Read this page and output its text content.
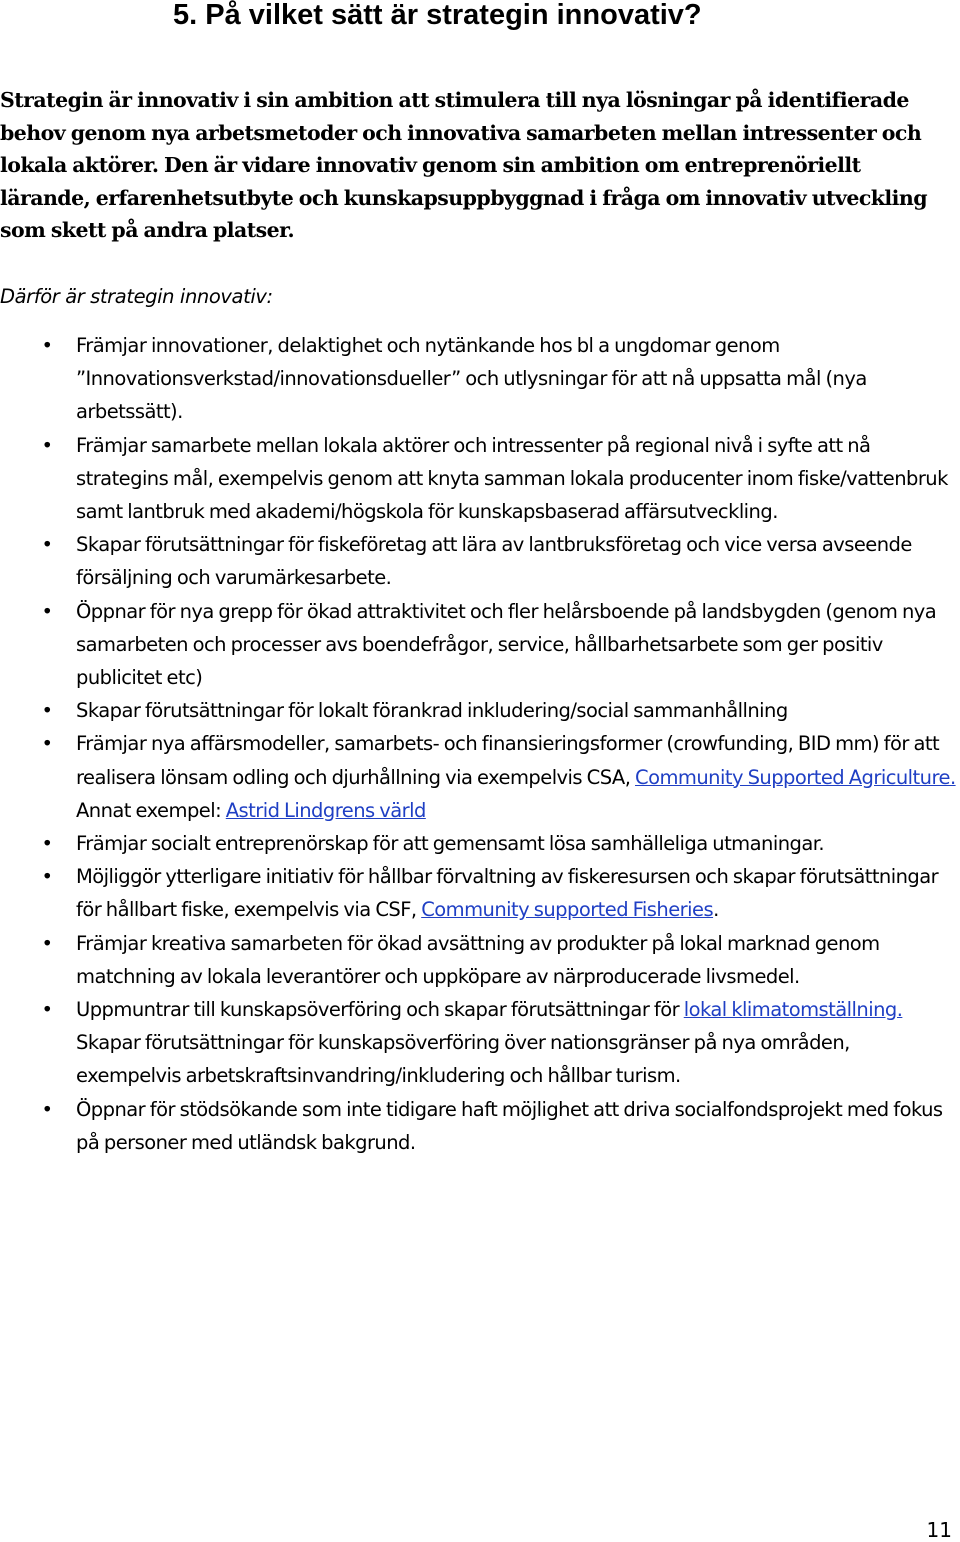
5. På vilket sätt är strategin innovativ?

Strategin är innovativ i sin ambition att stimulera till nya lösningar på identifierade behov genom nya arbetsmetoder och innovativa samarbeten mellan intressenter och lokala aktörer. Den är vidare innovativ genom sin ambition om entreprenöriellt lärande, erfarenhetsutbyte och kunskapsuppbyggnad i fråga om innovativ utveckling som skett på andra platser.

Därför är strategin innovativ:

• Främjar innovationer, delaktighet och nytänkande hos bl a ungdomar genom ”Innovationsverkstad/innovationsdueller” och utlysningar för att nå uppsatta mål (nya arbetssätt).
• Främjar samarbete mellan lokala aktörer och intressenter på regional nivå i syfte att nå strategins mål, exempelvis genom att knyta samman lokala producenter inom fiske/vattenbruk samt lantbruk med akademi/högskola för kunskapsbaserad affärsutveckling.
• Skapar förutsättningar för fiskeföretag att lära av lantbruksföretag och vice versa avseende försäljning och varumärkesarbete.
• Öppnar för nya grepp för ökad attraktivitet och fler helårsboende på landsbygden (genom nya samarbeten och processer avs boendefrågor, service, hållbarhetsarbete som ger positiv publicitet etc)
• Skapar förutsättningar för lokalt förankrad inkludering/social sammanhållning
• Främjar nya affärsmodeller, samarbets- och finansieringsformer (crowfunding, BID mm) för att realisera lönsam odling och djurhållning via exempelvis CSA, Community Supported Agriculture. Annat exempel: Astrid Lindgrens värld
• Främjar socialt entreprenörskap för att gemensamt lösa samhälleliga utmaningar.
• Möjliggör ytterligare initiativ för hållbar förvaltning av fiskeresursen och skapar förutsättningar för hållbart fiske, exempelvis via CSF, Community supported Fisheries.
• Främjar kreativa samarbeten för ökad avsättning av produkter på lokal marknad genom matchning av lokala leverantörer och uppköpare av närproducerade livsmedel.
• Uppmuntrar till kunskapsöverföring och skapar förutsättningar för lokal klimatomställning. Skapar förutsättningar för kunskapsöverföring över nationsgränser på nya områden, exempelvis arbetskraftsinvandring/inkludering och hållbar turism.
• Öppnar för stödsökande som inte tidigare haft möjlighet att driva socialfondsprojekt med fokus på personer med utländsk bakgrund.
11
